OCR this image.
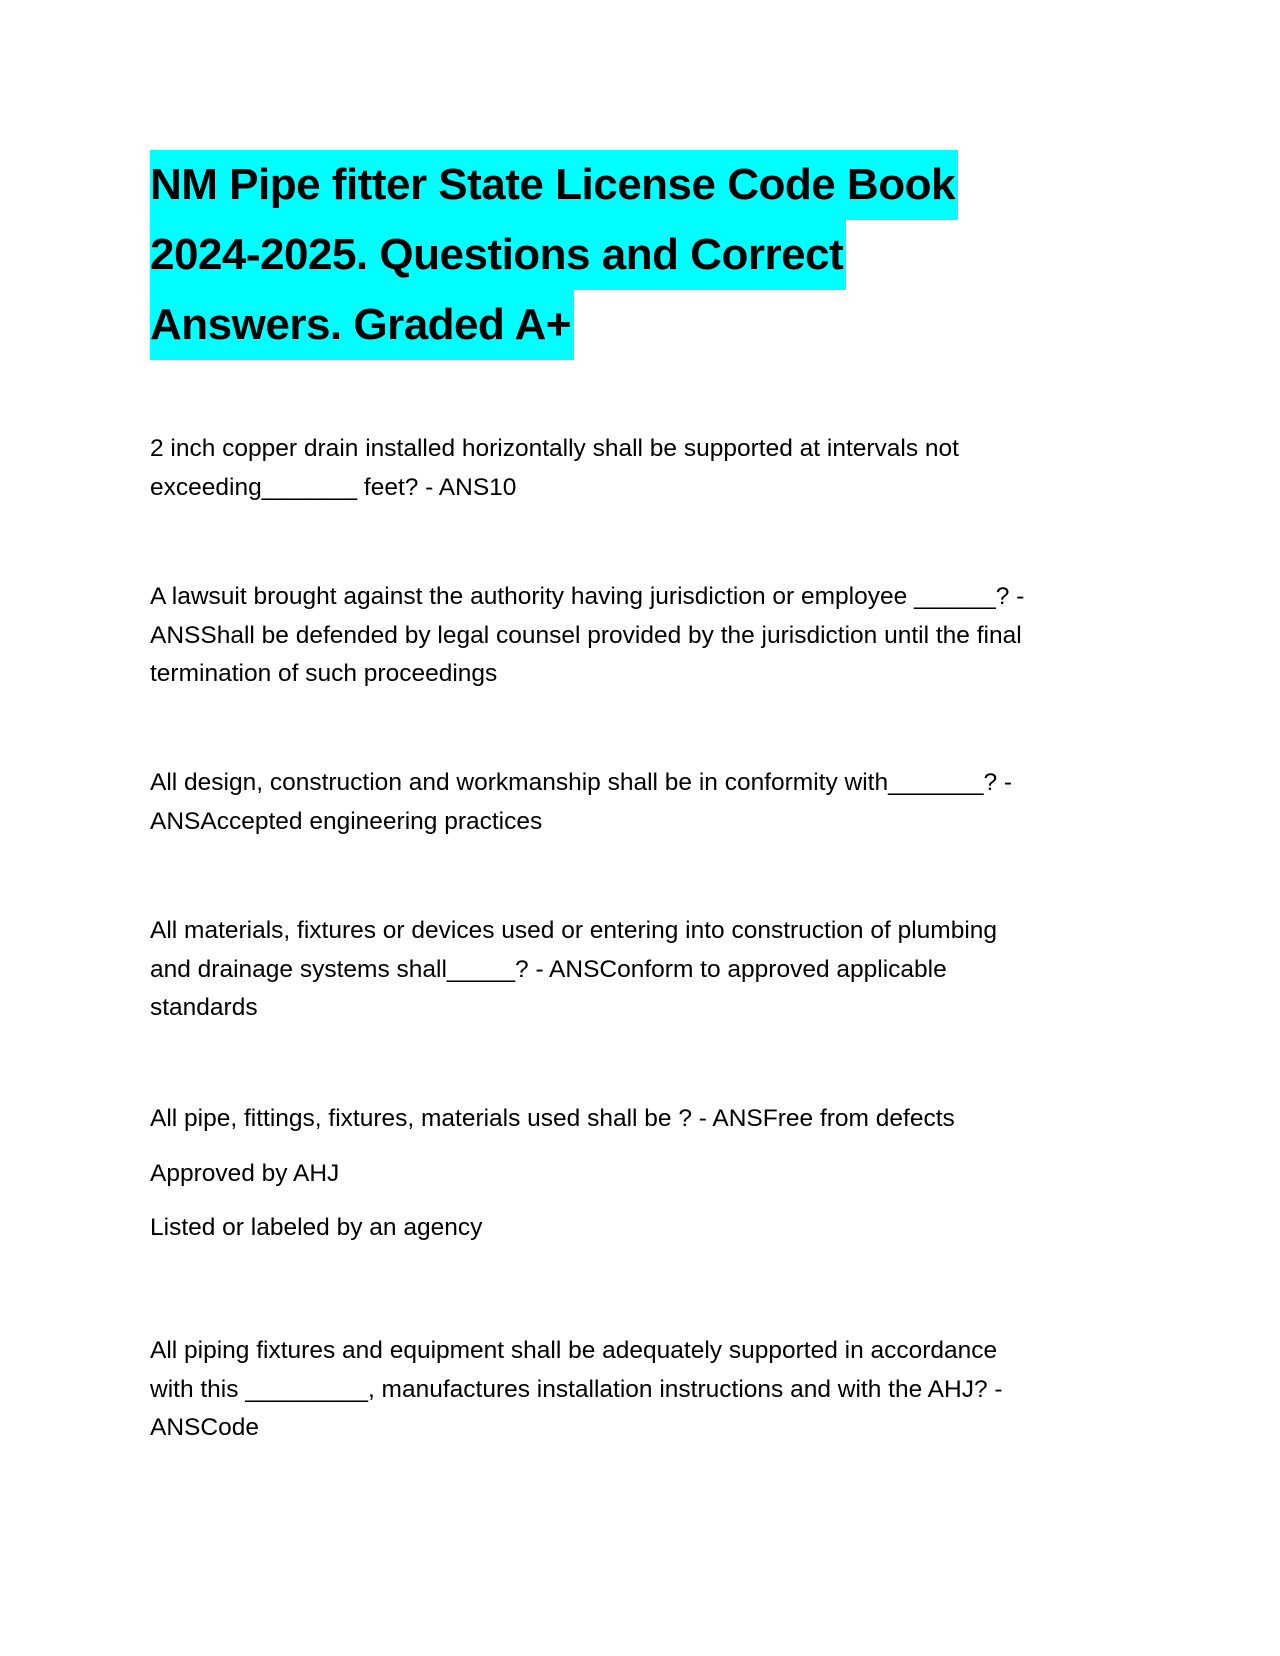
NM Pipe fitter State License Code Book
2024-2025. Questions and Correct
Answers. Graded A+
2 inch copper drain installed horizontally shall be supported at intervals not
exceeding_______ feet? - ANS10
A lawsuit brought against the authority having jurisdiction or employee ______? -
ANSShall be defended by legal counsel provided by the jurisdiction until the final
termination of such proceedings
All design, construction and workmanship shall be in conformity with_______? -
ANSAccepted engineering practices
All materials, fixtures or devices used or entering into construction of plumbing
and drainage systems shall_____? - ANSConform to approved applicable
standards

All pipe, fittings, fixtures, materials used shall be ? - ANSFree from defects

Approved by AHJ

Listed or labeled by an agency

All piping fixtures and equipment shall be adequately supported in accordance
with this _________, manufactures installation instructions and with the AHJ? -
ANSCode
